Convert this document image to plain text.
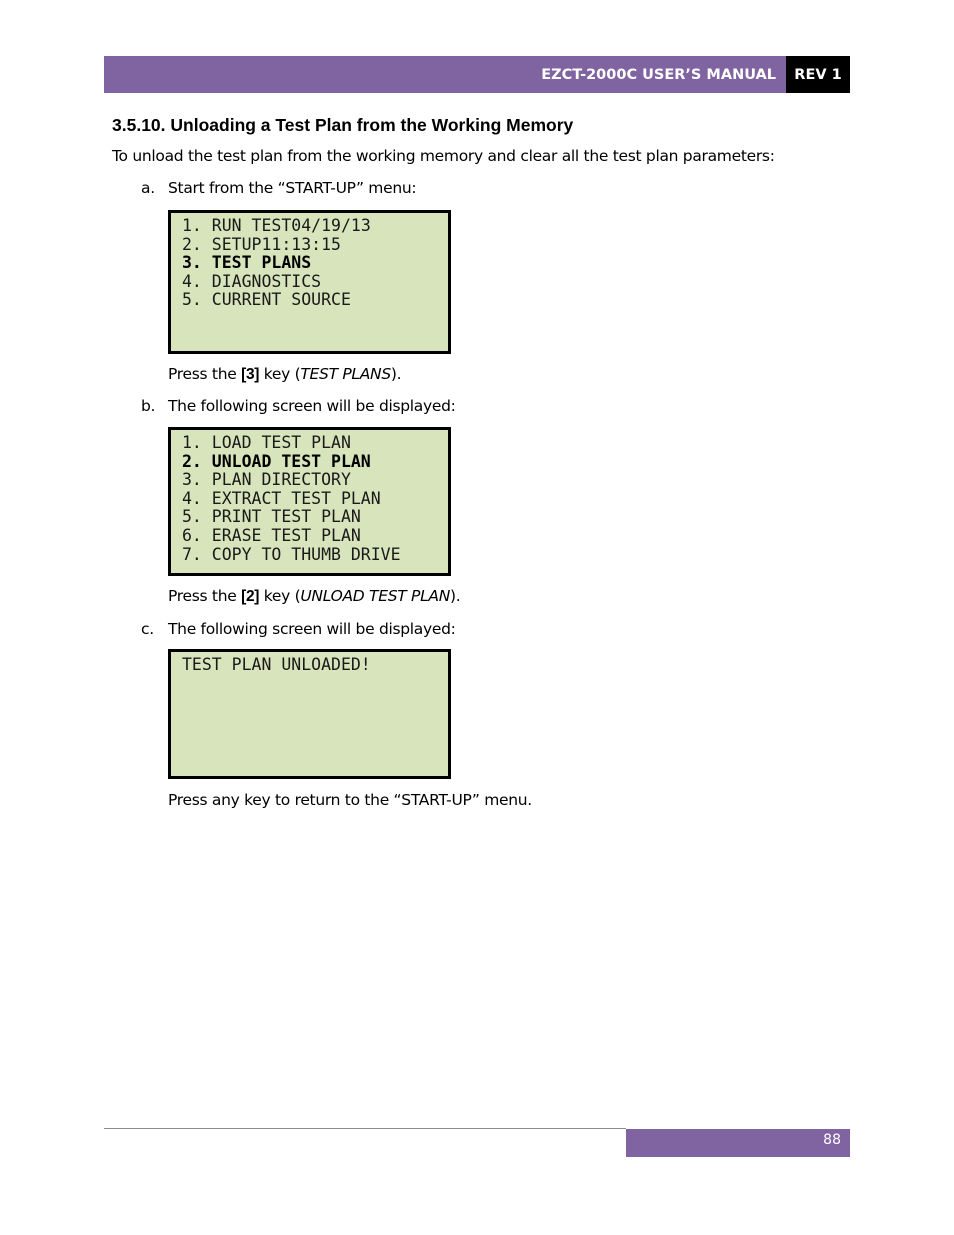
EZCT-2000C USER’S MANUAL REV 1
3.5.10. Unloading a Test Plan from the Working Memory

To unload the test plan from the working memory and clear all the test plan parameters:

a. Start from the “START-UP” menu:
1. RUN TEST04/19/13
2. SETUP11:13:15
3. TEST PLANS
4. DIAGNOSTICS
5. CURRENT SOURCE

Press the [3] key (TEST PLANS).

b. The following screen will be displayed:
1. LOAD TEST PLAN
2. UNLOAD TEST PLAN
3. PLAN DIRECTORY
4. EXTRACT TEST PLAN
5. PRINT TEST PLAN
6. ERASE TEST PLAN
7. COPY TO THUMB DRIVE

Press the [2] key (UNLOAD TEST PLAN).

c. The following screen will be displayed:
TEST PLAN UNLOADED!

Press any key to return to the “START-UP” menu.

88
